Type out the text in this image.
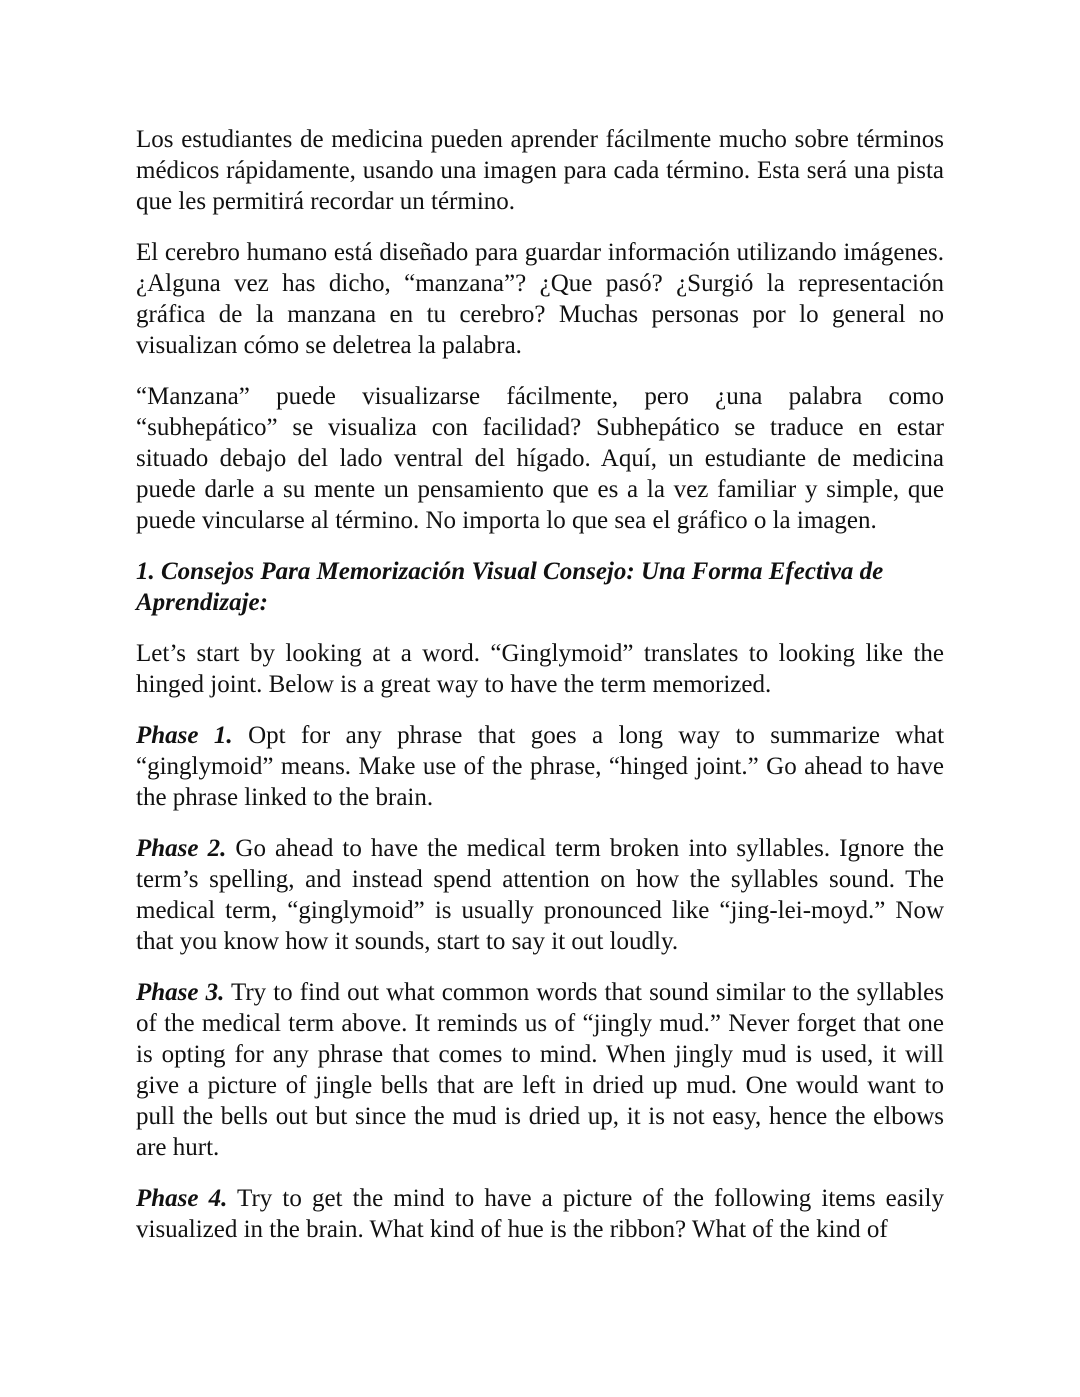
Los estudiantes de medicina pueden aprender fácilmente mucho sobre términos médicos rápidamente, usando una imagen para cada término. Esta será una pista que les permitirá recordar un término.

El cerebro humano está diseñado para guardar información utilizando imágenes. ¿Alguna vez has dicho, “manzana”? ¿Que pasó? ¿Surgió la representación gráfica de la manzana en tu cerebro? Muchas personas por lo general no visualizan cómo se deletrea la palabra.

“Manzana” puede visualizarse fácilmente, pero ¿una palabra como “subhepático” se visualiza con facilidad? Subhepático se traduce en estar situado debajo del lado ventral del hígado. Aquí, un estudiante de medicina puede darle a su mente un pensamiento que es a la vez familiar y simple, que puede vincularse al término. No importa lo que sea el gráfico o la imagen.

1. Consejos Para Memorización Visual Consejo: Una Forma Efectiva de Aprendizaje:

Let’s start by looking at a word. “Ginglymoid” translates to looking like the hinged joint. Below is a great way to have the term memorized.

Phase 1. Opt for any phrase that goes a long way to summarize what “ginglymoid” means. Make use of the phrase, “hinged joint.” Go ahead to have the phrase linked to the brain.

Phase 2. Go ahead to have the medical term broken into syllables. Ignore the term’s spelling, and instead spend attention on how the syllables sound. The medical term, “ginglymoid” is usually pronounced like “jing-lei-moyd.” Now that you know how it sounds, start to say it out loudly.

Phase 3. Try to find out what common words that sound similar to the syllables of the medical term above. It reminds us of “jingly mud.” Never forget that one is opting for any phrase that comes to mind. When jingly mud is used, it will give a picture of jingle bells that are left in dried up mud. One would want to pull the bells out but since the mud is dried up, it is not easy, hence the elbows are hurt.

Phase 4. Try to get the mind to have a picture of the following items easily visualized in the brain. What kind of hue is the ribbon? What of the kind of
